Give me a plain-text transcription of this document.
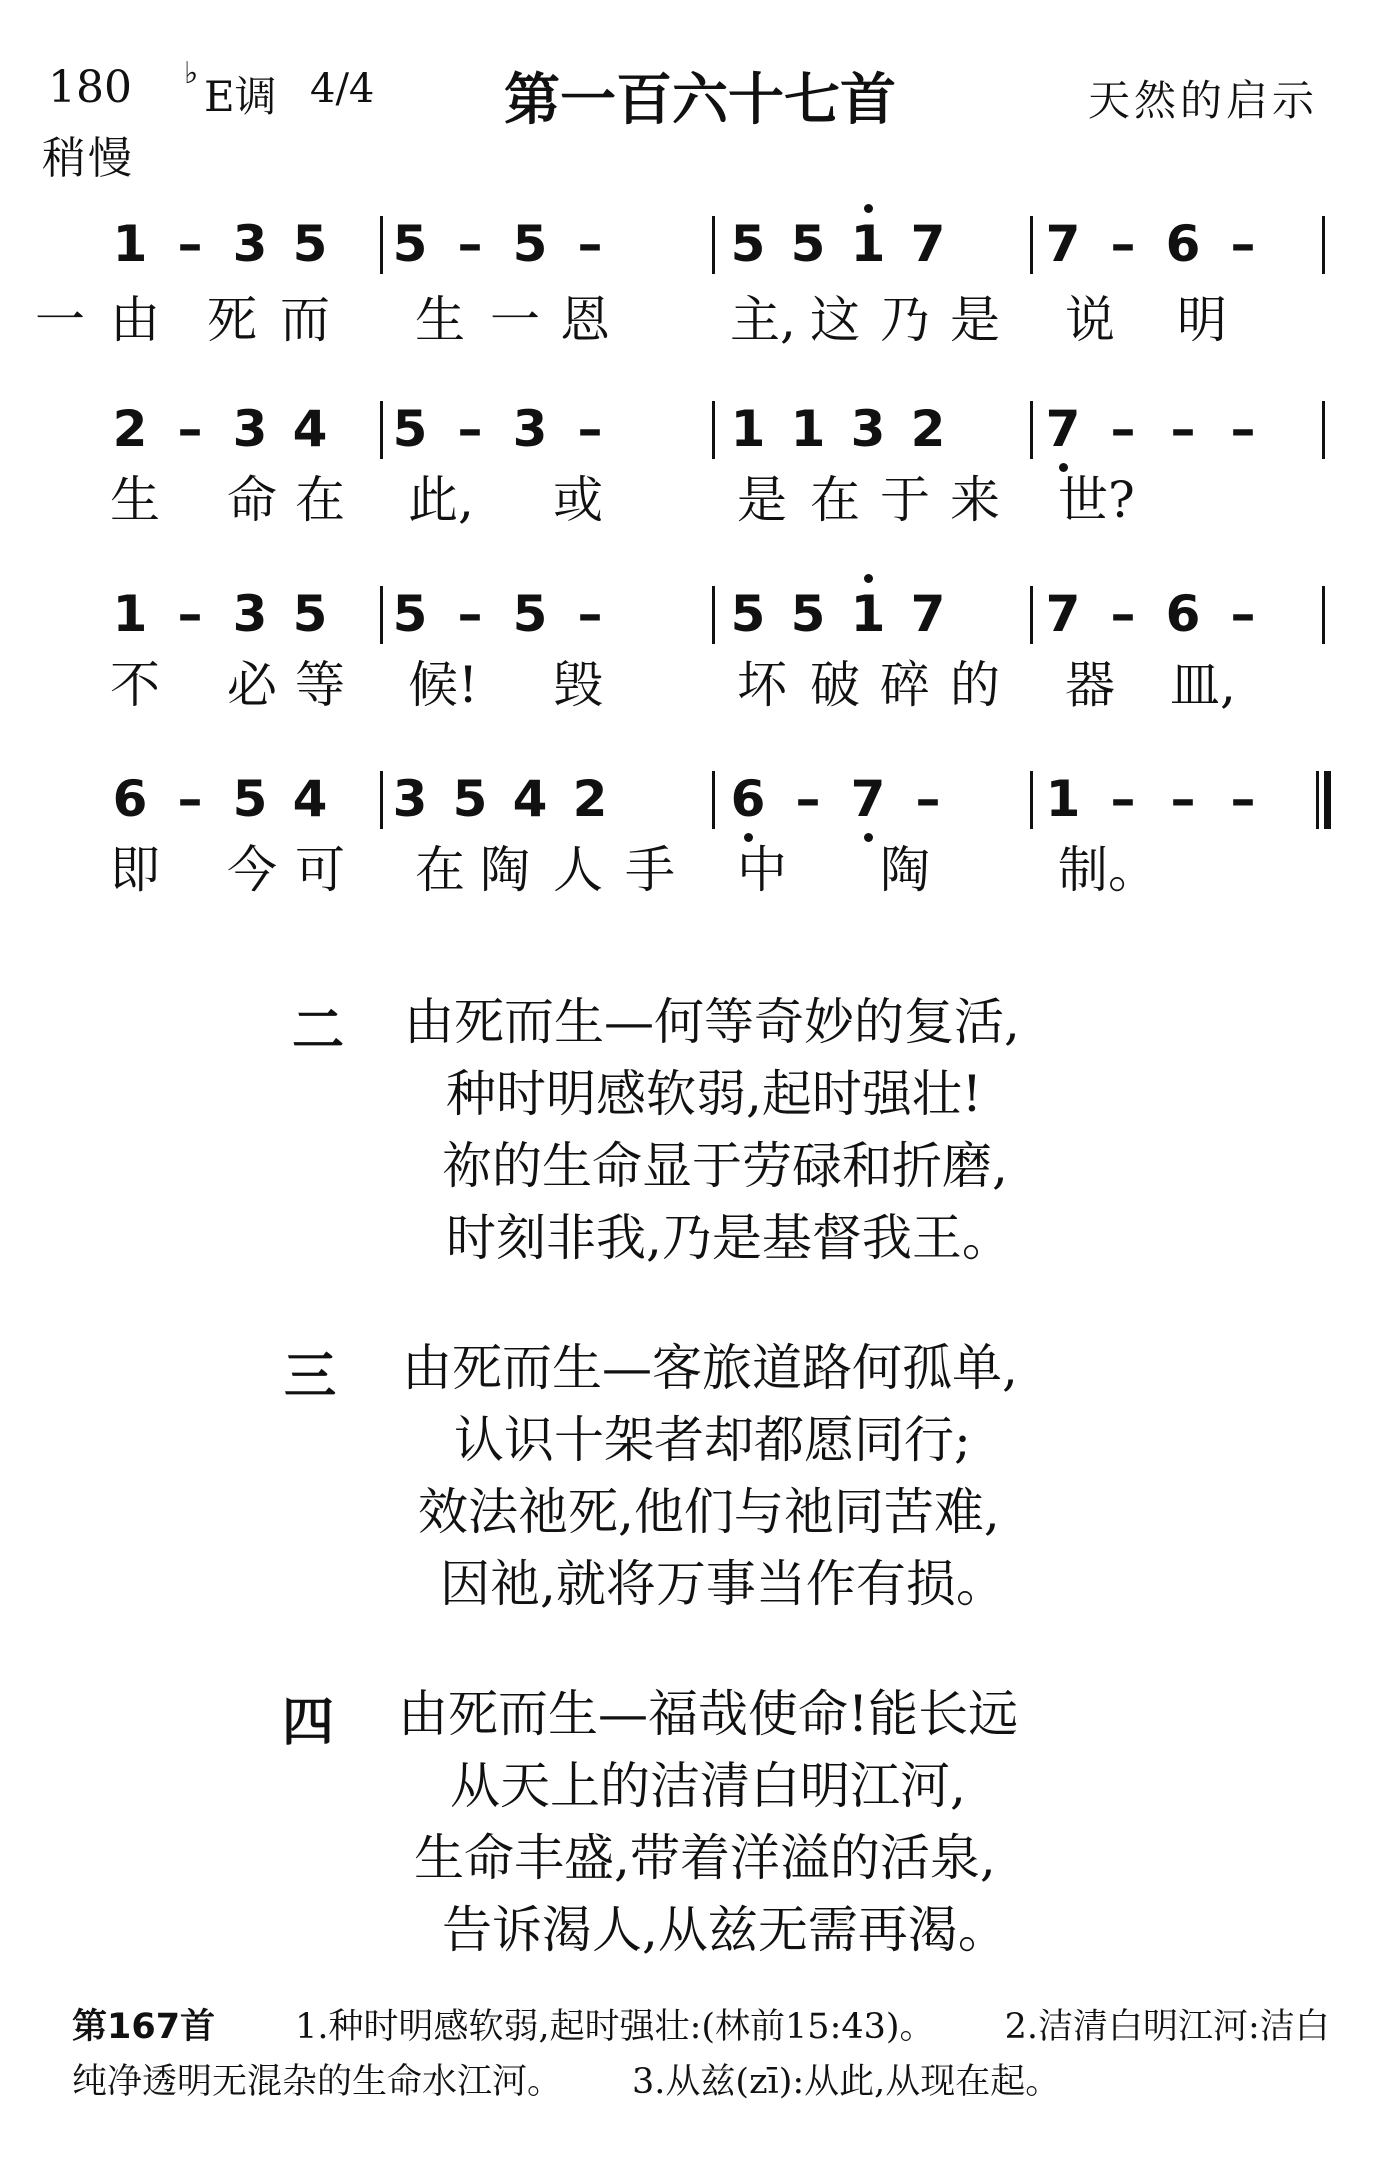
180 ♭ E调 4/4	第一百六十七首	天然的启示
稍慢
1 – 3 5 5 – 5 –	5 5 1 7 7 – 6 –
一 由 死 而 生 一 恩 主, 这 乃 是 说 明
2 – 3 4 5 – 3 –	1 1 3 2 7 – – –
生 命 在 此, 或	是 在 于 来 世?
1 – 3 5 5 – 5 –	5 5 1 7 7 – 6 –
不 必 等 候! 毁	坏 破 碎 的 器 皿,
6 – 5 4 3 5 4 2 6 – 7 –	1 – – –
即 今 可 在 陶 人 手 中 陶	制。
二 由死而生—何等奇妙的复活,
种时明感软弱,起时强壮!
祢的生命显于劳碌和折磨,
时刻非我,乃是基督我王。
三 由死而生—客旅道路何孤单,
认识十架者却都愿同行;
效法祂死,他们与祂同苦难,
因祂,就将万事当作有损。
四 由死而生—福哉使命!能长远
从天上的洁清白明江河,
生命丰盛,带着洋溢的活泉,
告诉渴人,从兹无需再渴。
第167首 1.种时明感软弱,起时强壮:(林前15:43)。 2.洁清白明江河:洁白纯净透明无混杂的生命水江河。 3.从兹(zī):从此,从现在起。
